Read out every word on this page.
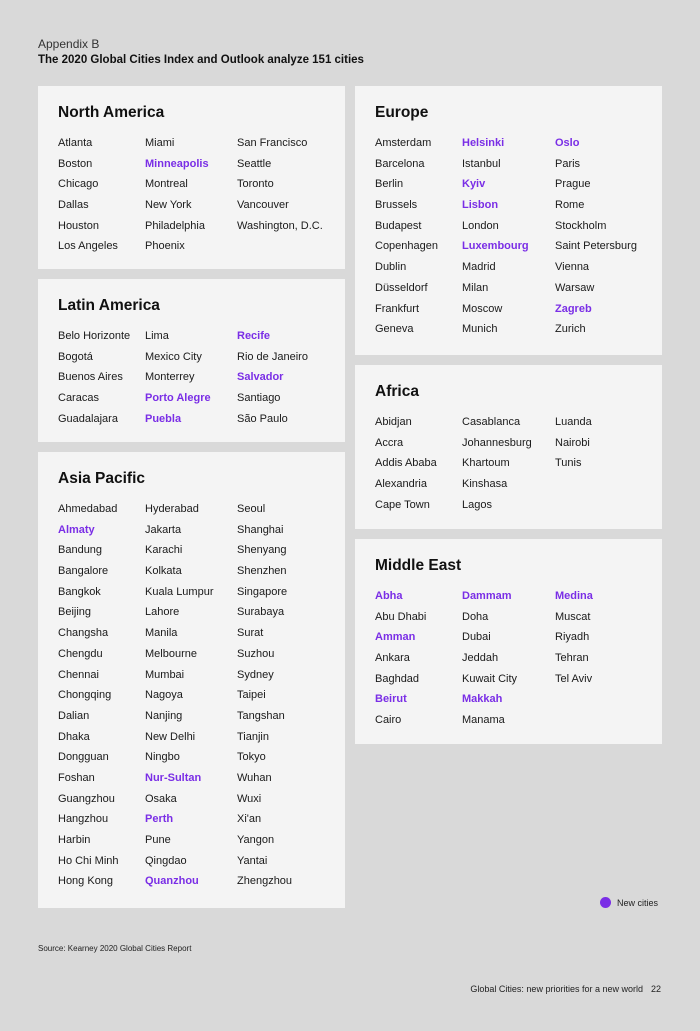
Appendix B
The 2020 Global Cities Index and Outlook analyze 151 cities
North America
Atlanta	Miami	San Francisco
Boston	Minneapolis	Seattle
Chicago	Montreal	Toronto
Dallas	New York	Vancouver
Houston	Philadelphia	Washington, D.C.
Los Angeles	Phoenix
Latin America
Belo Horizonte	Lima	Recife
Bogotá	Mexico City	Rio de Janeiro
Buenos Aires	Monterrey	Salvador
Caracas	Porto Alegre	Santiago
Guadalajara	Puebla	São Paulo
Asia Pacific
Ahmedabad	Hyderabad	Seoul
Almaty	Jakarta	Shanghai
Bandung	Karachi	Shenyang
Bangalore	Kolkata	Shenzhen
Bangkok	Kuala Lumpur	Singapore
Beijing	Lahore	Surabaya
Changsha	Manila	Surat
Chengdu	Melbourne	Suzhou
Chennai	Mumbai	Sydney
Chongqing	Nagoya	Taipei
Dalian	Nanjing	Tangshan
Dhaka	New Delhi	Tianjin
Dongguan	Ningbo	Tokyo
Foshan	Nur-Sultan	Wuhan
Guangzhou	Osaka	Wuxi
Hangzhou	Perth	Xi'an
Harbin	Pune	Yangon
Ho Chi Minh	Qingdao	Yantai
Hong Kong	Quanzhou	Zhengzhou
Europe
Amsterdam	Helsinki	Oslo
Barcelona	Istanbul	Paris
Berlin	Kyiv	Prague
Brussels	Lisbon	Rome
Budapest	London	Stockholm
Copenhagen	Luxembourg	Saint Petersburg
Dublin	Madrid	Vienna
Düsseldorf	Milan	Warsaw
Frankfurt	Moscow	Zagreb
Geneva	Munich	Zurich
Africa
Abidjan	Casablanca	Luanda
Accra	Johannesburg	Nairobi
Addis Ababa	Khartoum	Tunis
Alexandria	Kinshasa
Cape Town	Lagos
Middle East
Abha	Dammam	Medina
Abu Dhabi	Doha	Muscat
Amman	Dubai	Riyadh
Ankara	Jeddah	Tehran
Baghdad	Kuwait City	Tel Aviv
Beirut	Makkah
Cairo	Manama
New cities
Source: Kearney 2020 Global Cities Report
Global Cities: new priorities for a new world 22
